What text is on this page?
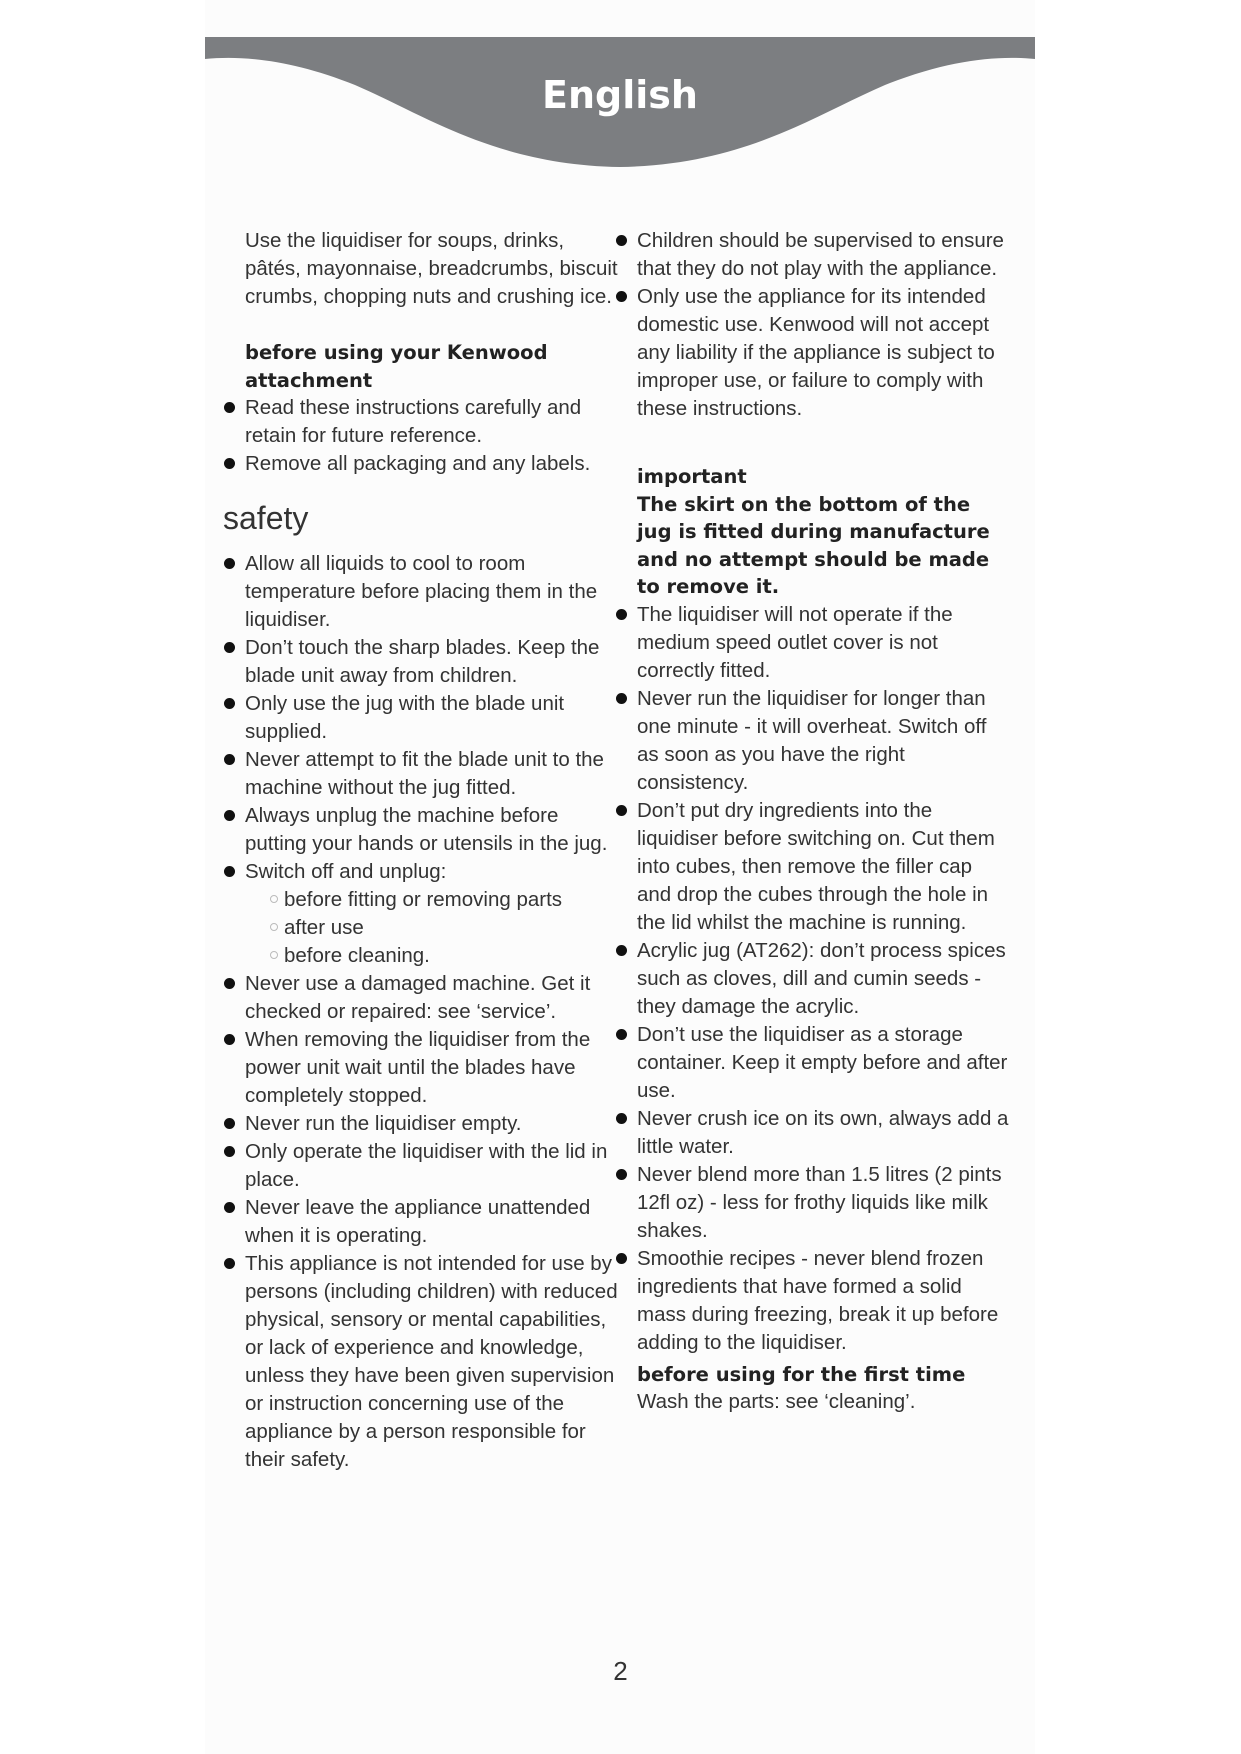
English

Use the liquidiser for soups, drinks, pâtés, mayonnaise, breadcrumbs, biscuit crumbs, chopping nuts and crushing ice.

before using your Kenwood attachment

Read these instructions carefully and retain for future reference.
Remove all packaging and any labels.

safety

Allow all liquids to cool to room temperature before placing them in the liquidiser.
Don’t touch the sharp blades. Keep the blade unit away from children.
Only use the jug with the blade unit supplied.
Never attempt to fit the blade unit to the machine without the jug fitted.
Always unplug the machine before putting your hands or utensils in the jug.
Switch off and unplug:
before fitting or removing parts
after use
before cleaning.
Never use a damaged machine. Get it checked or repaired: see ‘service’.
When removing the liquidiser from the power unit wait until the blades have completely stopped.
Never run the liquidiser empty.
Only operate the liquidiser with the lid in place.
Never leave the appliance unattended when it is operating.
This appliance is not intended for use by persons (including children) with reduced physical, sensory or mental capabilities, or lack of experience and knowledge, unless they have been given supervision or instruction concerning use of the appliance by a person responsible for their safety.
Children should be supervised to ensure that they do not play with the appliance.
Only use the appliance for its intended domestic use. Kenwood will not accept any liability if the appliance is subject to improper use, or failure to comply with these instructions.

important

The skirt on the bottom of the jug is fitted during manufacture and no attempt should be made to remove it.

The liquidiser will not operate if the medium speed outlet cover is not correctly fitted.
Never run the liquidiser for longer than one minute - it will overheat. Switch off as soon as you have the right consistency.
Don’t put dry ingredients into the liquidiser before switching on. Cut them into cubes, then remove the filler cap and drop the cubes through the hole in the lid whilst the machine is running.
Acrylic jug (AT262): don’t process spices such as cloves, dill and cumin seeds - they damage the acrylic.
Don’t use the liquidiser as a storage container. Keep it empty before and after use.
Never crush ice on its own, always add a little water.
Never blend more than 1.5 litres (2 pints 12fl oz) - less for frothy liquids like milk shakes.
Smoothie recipes - never blend frozen ingredients that have formed a solid mass during freezing, break it up before adding to the liquidiser.

before using for the first time

Wash the parts: see ‘cleaning’.

2
